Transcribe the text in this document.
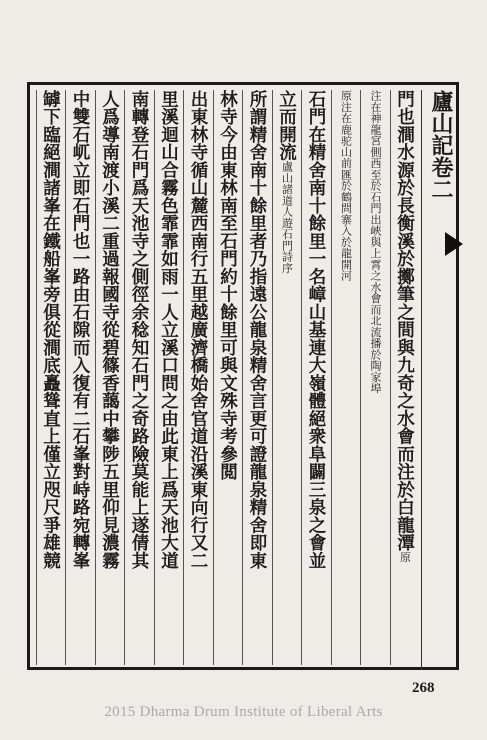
廬山記卷二
門也澗水源於長衡溪於擲筆之間與九奇之水會而注於白龍潭原
注在神龍宮側西至於石門出峽與上霄之水會而北流播於陶家埠
原注在鹿驼山前匯於鶴問寨入於龍開河
石門在精舍南十餘里一名嶂山基連大嶺體絕衆阜闢三泉之會並
立而開流盧山諸道人遊石門詩序
所謂精舍南十餘里者乃指遠公龍泉精舍言更可證龍泉精舍即東
林寺今由東林南至石門約十餘里可與文殊寺考參閲
出東林寺循山麓西南行五里越廣濟橋始舍官道沿溪東向行又二
里溪迴山合霧色霏霏如雨一人立溪口問之由此東上爲天池大道
南轉登石門爲天池寺之側徑余稔知石門之奇路險莫能上遂倩其
人爲導南渡小溪二重過報國寺從碧篠香藹中攀陟五里仰見濃霧
中雙石屼立即石門也一路由石隙而入復有二石峯對峙路宛轉峯
罅下臨絕澗諸峯在鐵船峯旁俱從澗底矗聳直上僅立咫尺爭雄競
268
2015 Dharma Drum Institute of Liberal Arts
